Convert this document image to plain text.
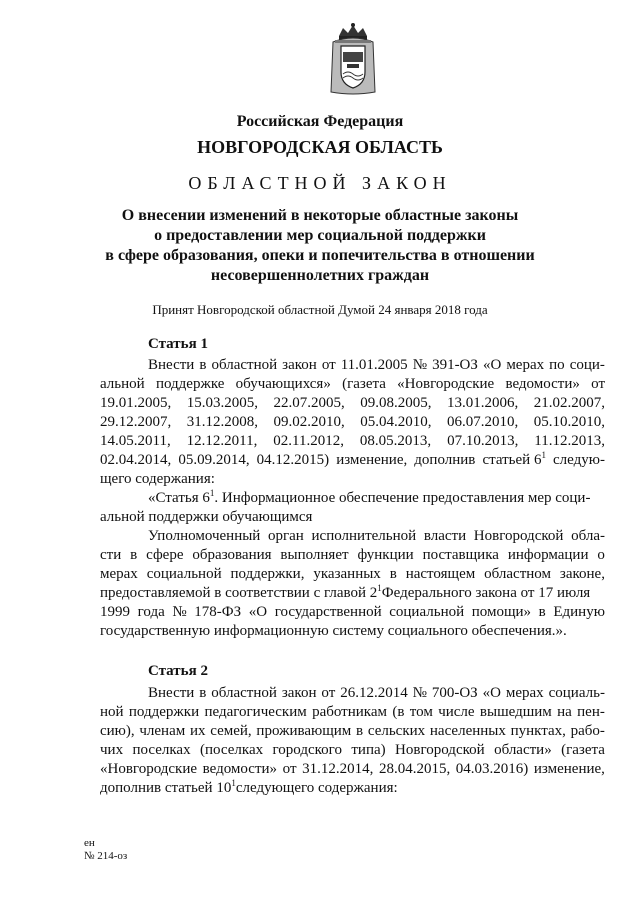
Российская Федерация
НОВГОРОДСКАЯ ОБЛАСТЬ
ОБЛАСТНОЙ ЗАКОН
О внесении изменений в некоторые областные законы
о предоставлении мер социальной поддержки
в сфере образования, опеки и попечительства в отношении
несовершеннолетних граждан
Принят Новгородской областной Думой 24 января 2018 года
Статья 1
Внести в областной закон от 11.01.2005 № 391-ОЗ «О мерах по соци-
альной поддержке обучающихся» (газета «Новгородские ведомости» от
19.01.2005, 15.03.2005, 22.07.2005, 09.08.2005, 13.01.2006, 21.02.2007,
29.12.2007, 31.12.2008, 09.02.2010, 05.04.2010, 06.07.2010, 05.10.2010,
14.05.2011, 12.12.2011, 02.11.2012, 08.05.2013, 07.10.2013, 11.12.2013,
02.04.2014, 05.09.2014, 04.12.2015) изменение, дополнив статьей $6^1$ следую-
щего содержания:
«Статья $6^1$ . Информационное обеспечение предоставления мер соци-
альной поддержки обучающимся
Уполномоченный орган исполнительной власти Новгородской обла-
сти в сфере образования выполняет функции поставщика информации о
мерах социальной поддержки, указанных в настоящем областном законе,
предоставляемой в соответствии с главой $2^1$ Федерального закона от 17 июля
1999 года № 178-ФЗ «О государственной социальной помощи» в Единую
государственную информационную систему социального обеспечения.».
Статья 2
Внести в областной закон от 26.12.2014 № 700-ОЗ «О мерах социаль-
ной поддержки педагогическим работникам (в том числе вышедшим на пен-
сию), членам их семей, проживающим в сельских населенных пунктах, рабо-
чих поселках (поселках городского типа) Новгородской области» (газета
«Новгородские ведомости» от 31.12.2014, 28.04.2015, 04.03.2016) изменение,
дополнив статьей $10^1$ следующего содержания:
ен
№ 214-оз
